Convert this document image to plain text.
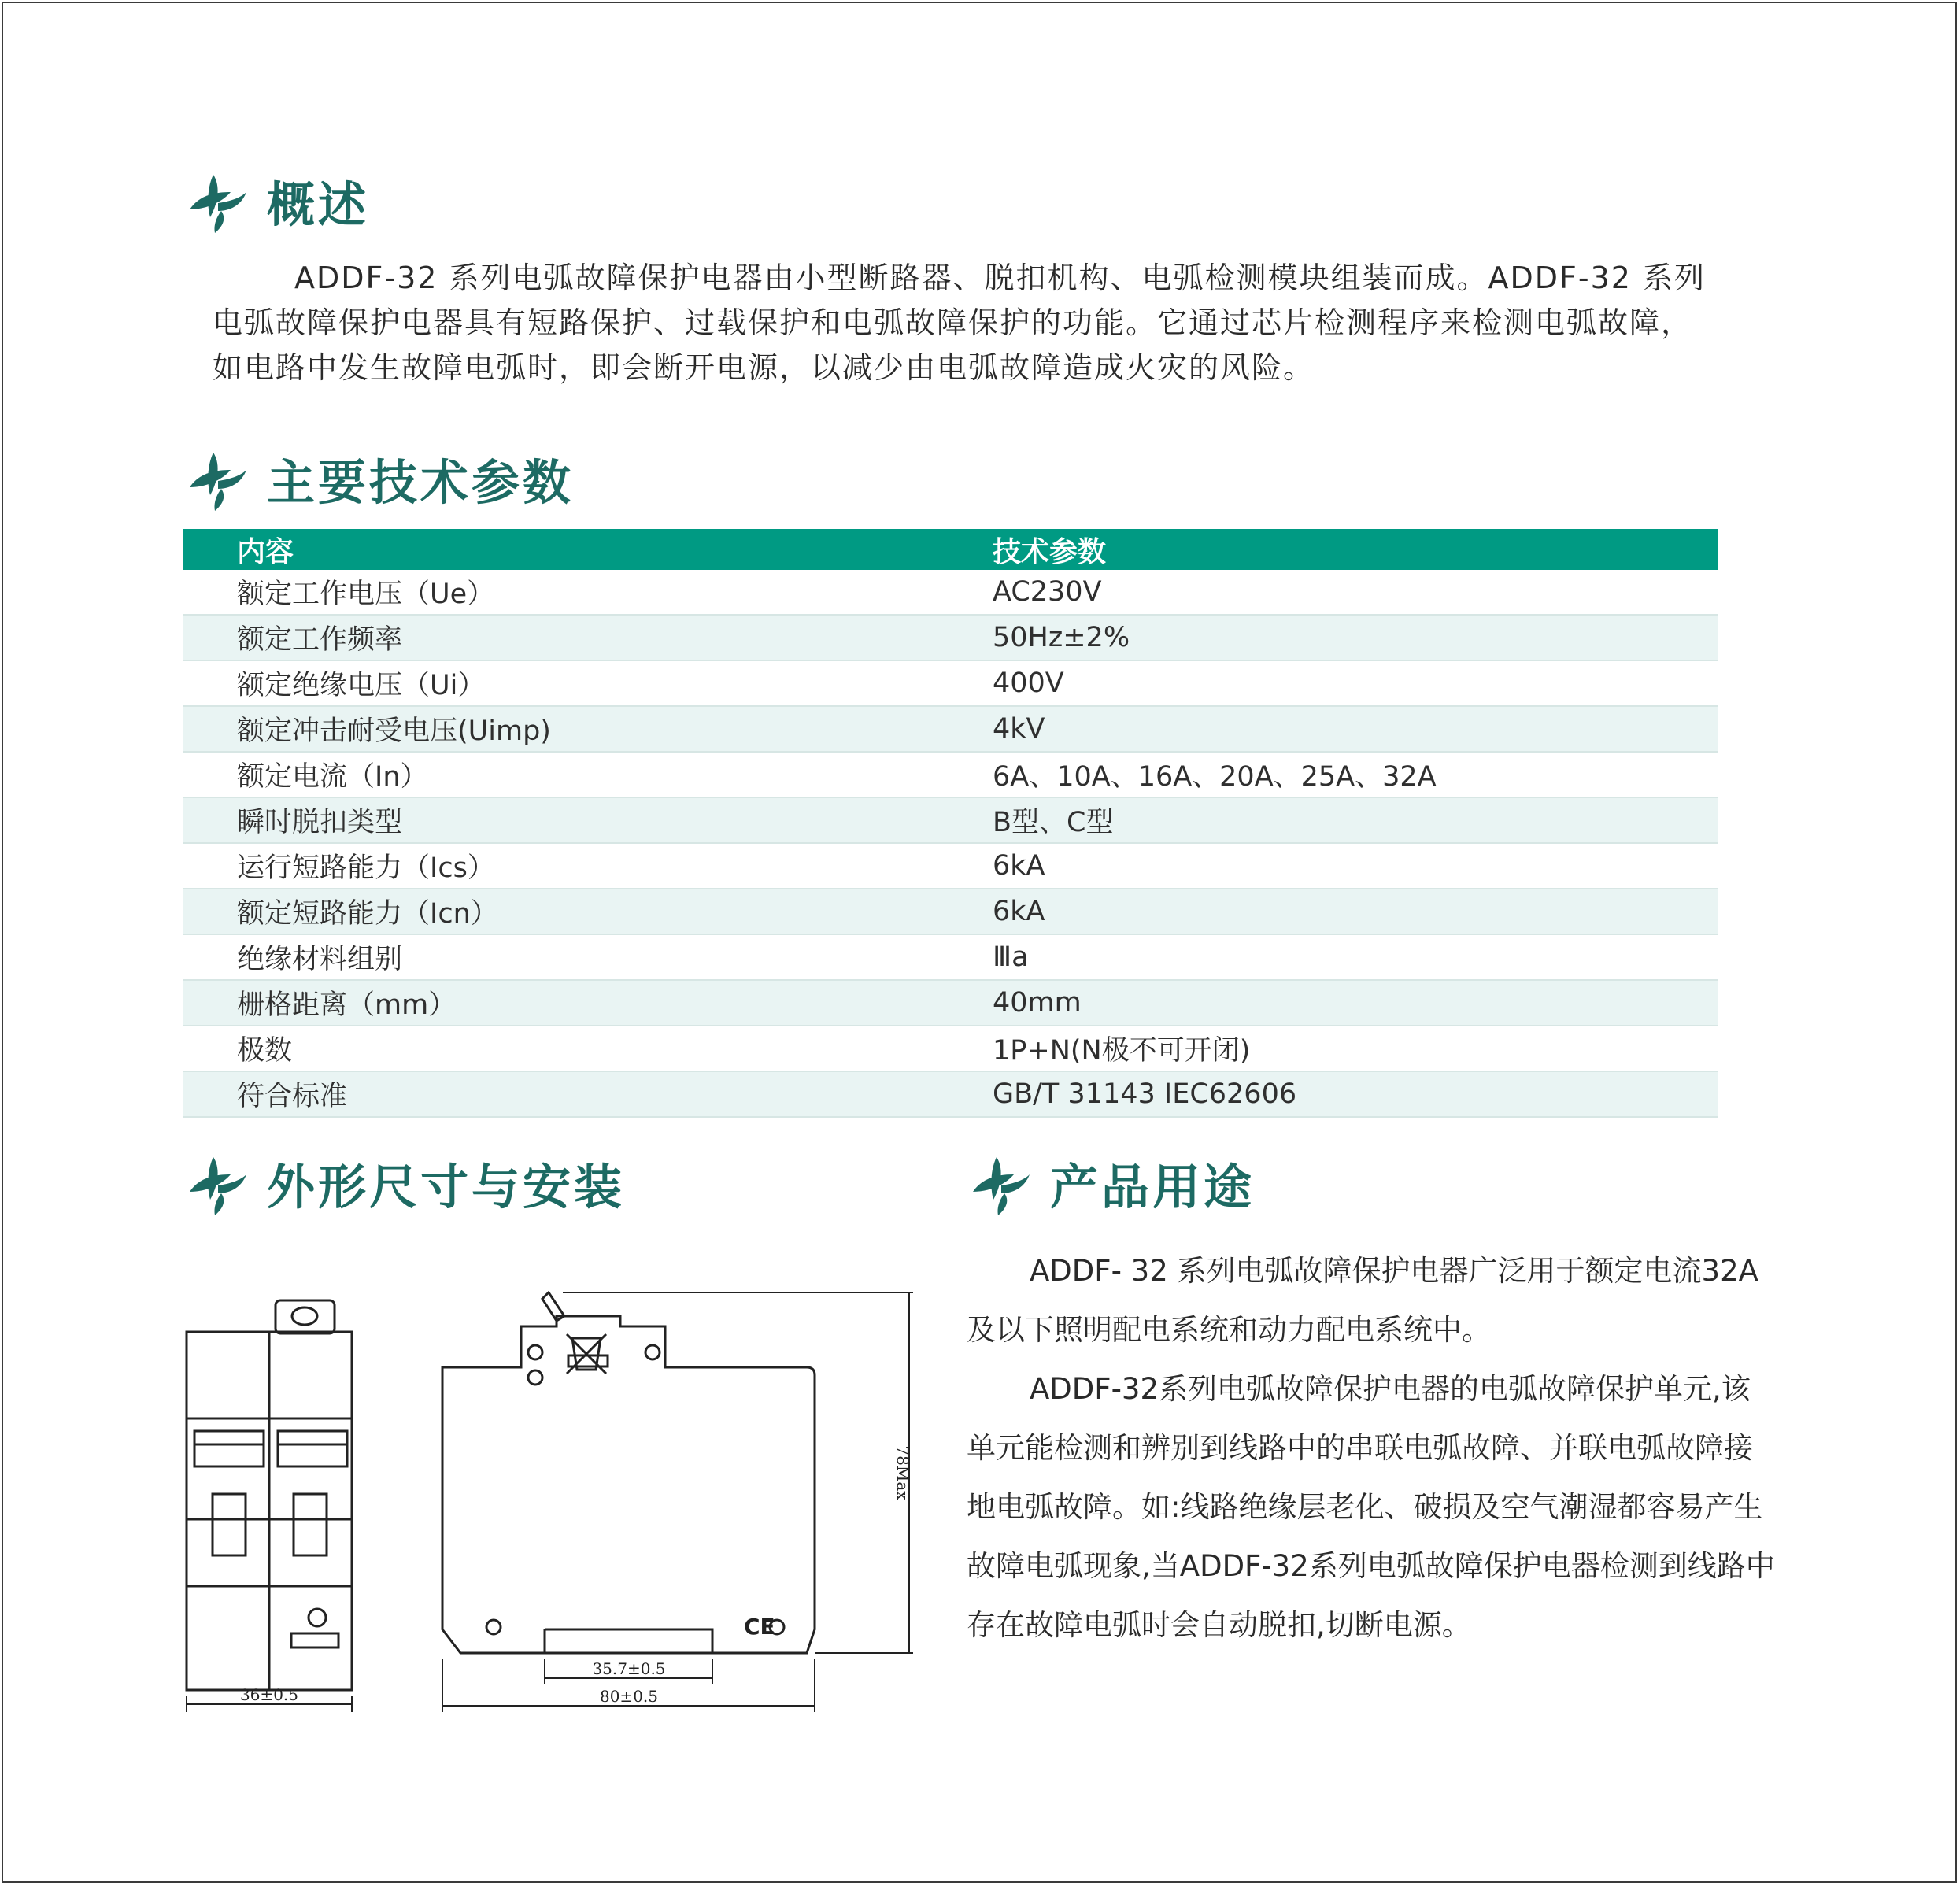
概述

ADDF-32 系列电弧故障保护电器由小型断路器、脱扣机构、电弧检测模块组装而成。ADDF-32 系列

电弧故障保护电器具有短路保护、过载保护和电弧故障保护的功能。它通过芯片检测程序来检测电弧故障，

如电路中发生故障电弧时，即会断开电源，以减少由电弧故障造成火灾的风险。

主要技术参数
内容	技术参数
额定工作电压（Ue）	AC230V
额定工作频率	50Hz±2%
额定绝缘电压（Ui）	400V
额定冲击耐受电压(Uimp)	4kV
额定电流（In）	6A、10A、16A、20A、25A、32A
瞬时脱扣类型	B型、C型
运行短路能力（Ics）	6kA
额定短路能力（Icn）	6kA
绝缘材料组别	Ⅲa
栅格距离（mm）	40mm
极数	1P+N(N极不可开闭)
符合标准	GB/T 31143 IEC62606
外形尺寸与安装
36±0.5
35.7±0.5
80±0.5
78Max
CE
产品用途

ADDF- 32 系列电弧故障保护电器广泛用于额定电流32A

及以下照明配电系统和动力配电系统中。

ADDF-32系列电弧故障保护电器的电弧故障保护单元,该

单元能检测和辨别到线路中的串联电弧故障、并联电弧故障接

地电弧故障。如:线路绝缘层老化、破损及空气潮湿都容易产生

故障电弧现象,当ADDF-32系列电弧故障保护电器检测到线路中

存在故障电弧时会自动脱扣,切断电源。
